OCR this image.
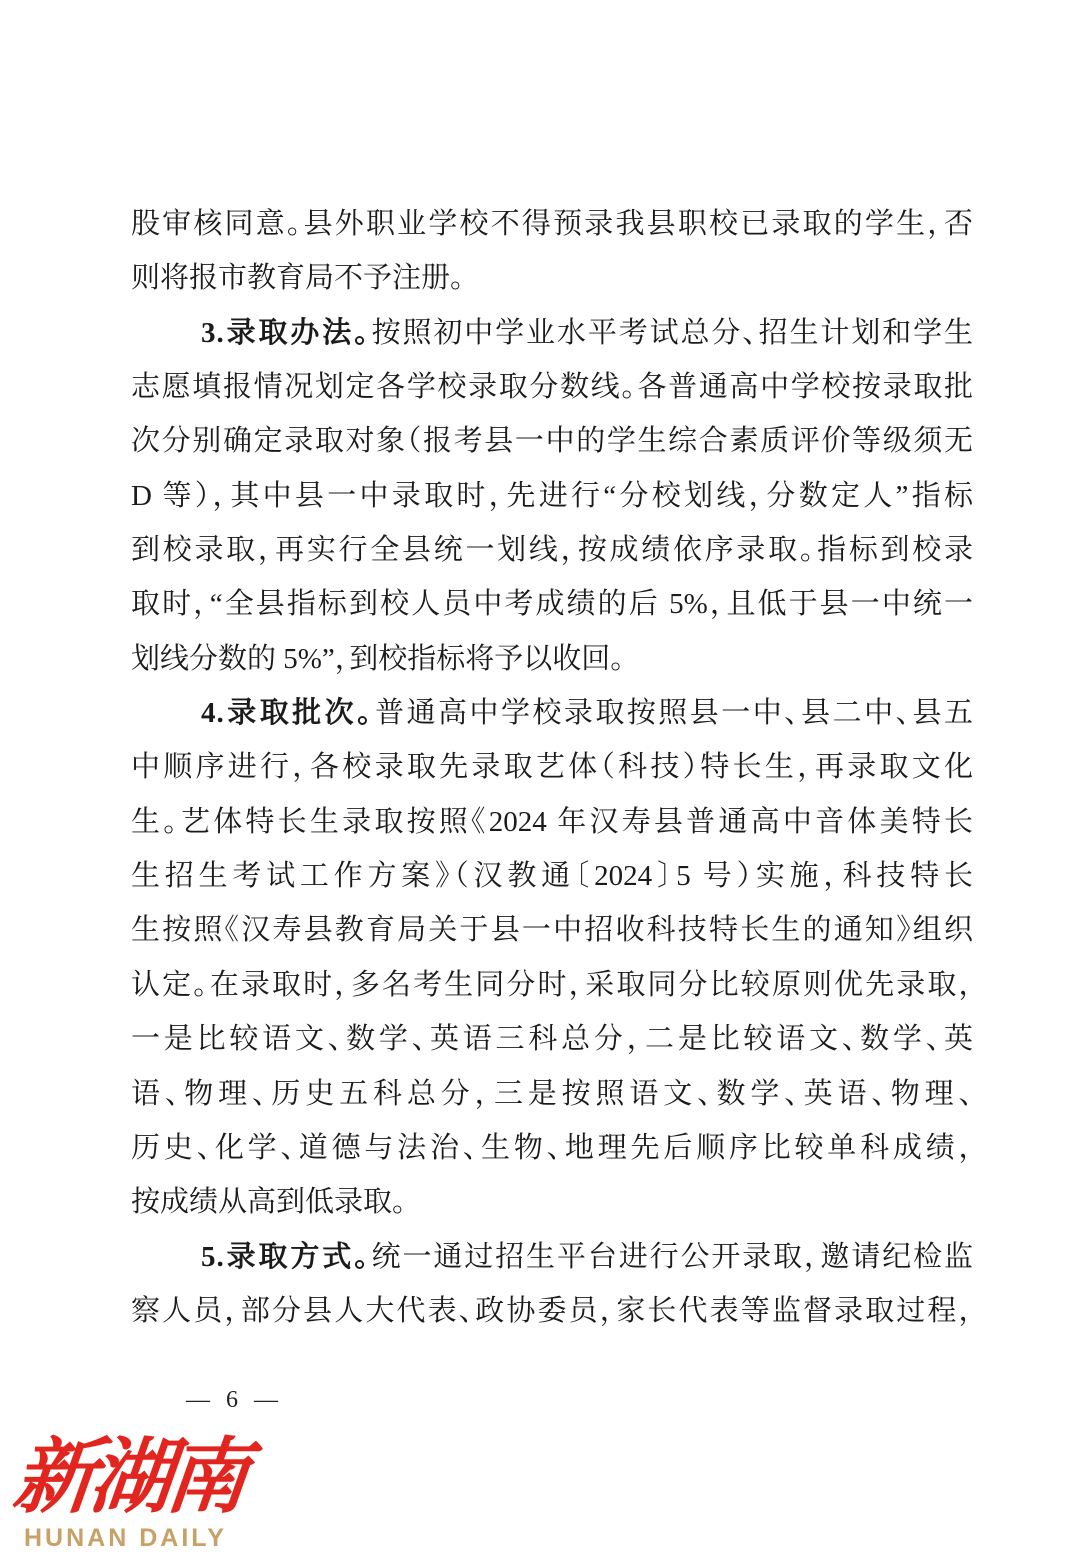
股审核同意。县外职业学校不得预录我县职校已录取的学生，否
则将报市教育局不予注册。
3.录取办法。按照初中学业水平考试总分、招生计划和学生
志愿填报情况划定各学校录取分数线。各普通高中学校按录取批
次分别确定录取对象（报考县一中的学生综合素质评价等级须无
D 等），其中县一中录取时，先进行“分校划线，分数定人”指标
到校录取，再实行全县统一划线，按成绩依序录取。指标到校录
取时，“全县指标到校人员中考成绩的后 5%，且低于县一中统一
划线分数的 5%”，到校指标将予以收回。
4.录取批次。普通高中学校录取按照县一中、县二中、县五
中顺序进行，各校录取先录取艺体（科技）特长生，再录取文化
生。艺体特长生录取按照《2024 年汉寿县普通高中音体美特长
生招生考试工作方案》（汉教通〔2024〕5 号）实施，科技特长
生按照《汉寿县教育局关于县一中招收科技特长生的通知》组织
认定。在录取时，多名考生同分时，采取同分比较原则优先录取，
一是比较语文、数学、英语三科总分，二是比较语文、数学、英
语、物理、历史五科总分，三是按照语文、数学、英语、物理、
历史、化学、道德与法治、生物、地理先后顺序比较单科成绩，
按成绩从高到低录取。
5.录取方式。统一通过招生平台进行公开录取，邀请纪检监
察人员，部分县人大代表、政协委员，家长代表等监督录取过程，
— 6 —
新湖南
HUNAN DAILY
